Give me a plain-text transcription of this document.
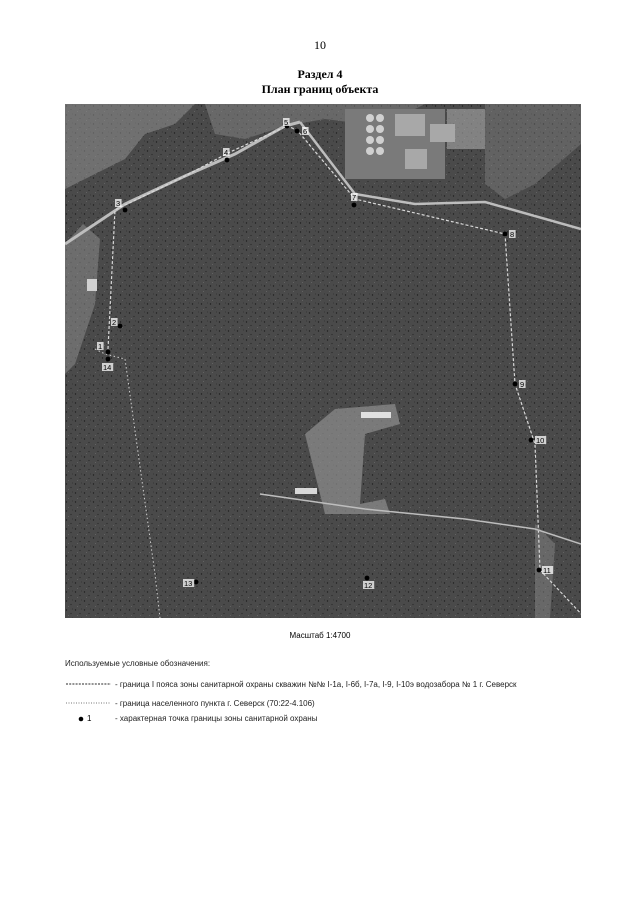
10
Раздел 4
План границ объекта
1
2
3
4
5
6
7
8
9
10
11
12
13
14
Масштаб 1:4700
Используемые условные обозначения:
- граница I пояса зоны санитарной охраны скважин №№ I-1а, I-6б, I-7а, I-9, I-10э водозабора № 1 г. Северск
- граница населенного пункта г. Северск (70:22-4.106)
1	- характерная точка границы зоны санитарной охраны
